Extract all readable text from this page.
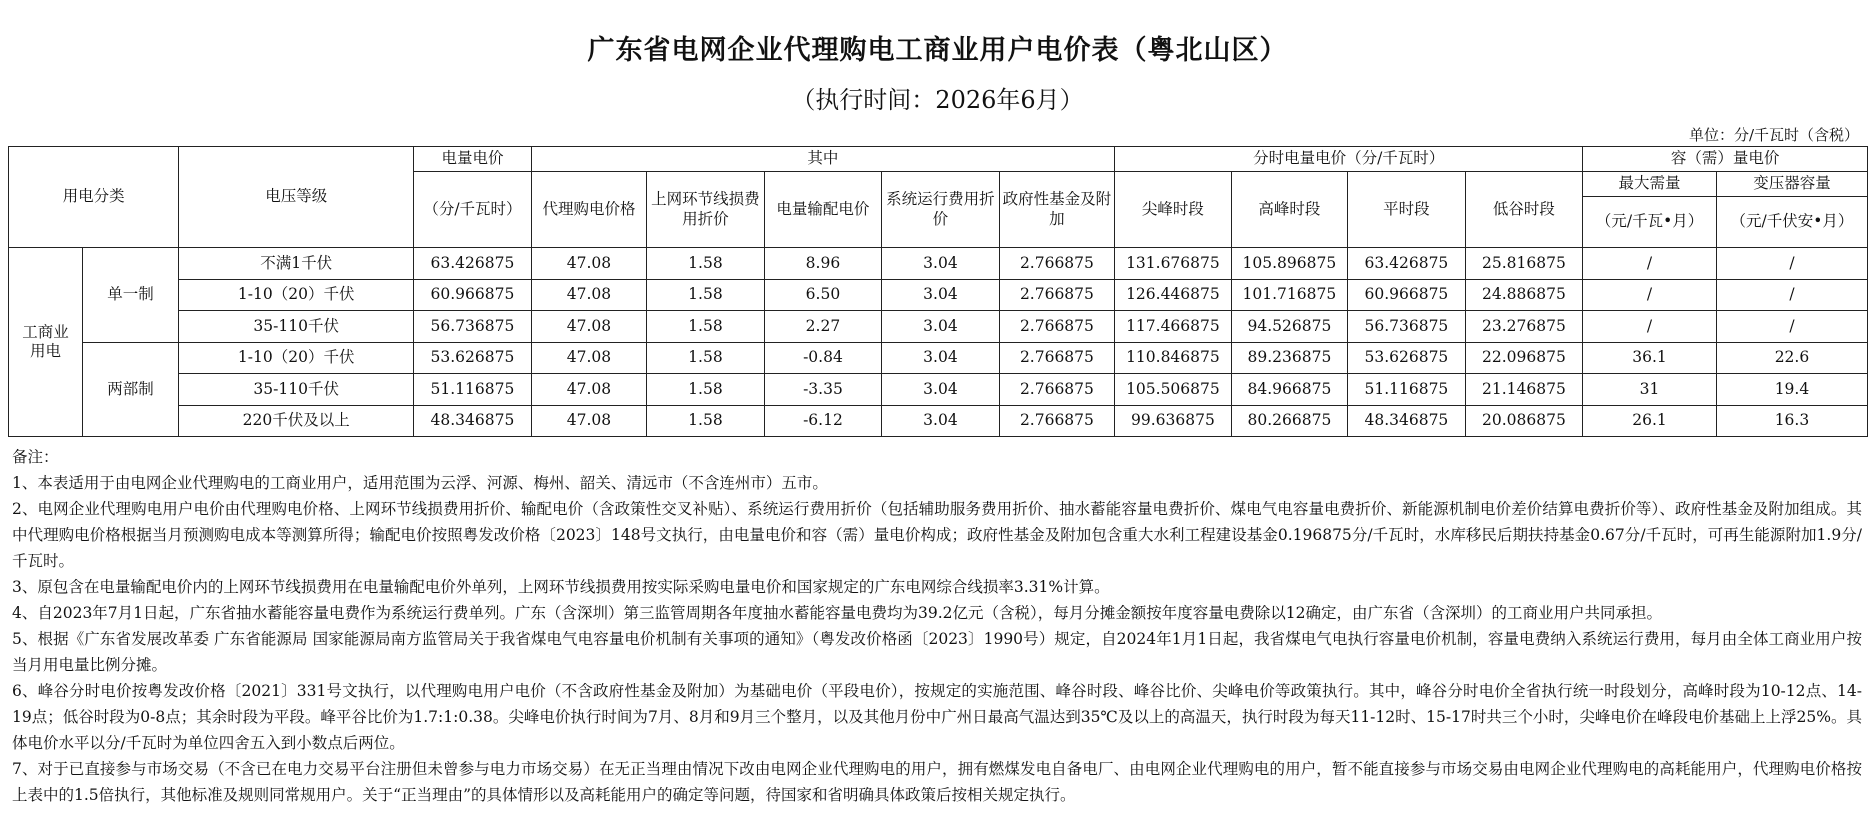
广东省电网企业代理购电工商业用户电价表（粤北山区）
（执行时间：2026年6月）
单位：分/千瓦时（含税）
用电分类		电压等级	电量电价	其中					分时电量电价（分/千瓦时）				容（需）量电价	
			（分/千瓦时）	代理购电价格	上网环节线损费用折价	电量输配电价	系统运行费用折价	政府性基金及附加	尖峰时段	高峰时段	平时段	低谷时段	最大需量	变压器容量
													（元/千瓦•月）	（元/千伏安•月）
工商业用电	单一制	不满1千伏	63.426875	47.08	1.58	8.96	3.04	2.766875	131.676875	105.896875	63.426875	25.816875	/	/
		1-10（20）千伏	60.966875	47.08	1.58	6.50	3.04	2.766875	126.446875	101.716875	60.966875	24.886875	/	/
		35-110千伏	56.736875	47.08	1.58	2.27	3.04	2.766875	117.466875	94.526875	56.736875	23.276875	/	/
	两部制	1-10（20）千伏	53.626875	47.08	1.58	-0.84	3.04	2.766875	110.846875	89.236875	53.626875	22.096875	36.1	22.6
		35-110千伏	51.116875	47.08	1.58	-3.35	3.04	2.766875	105.506875	84.966875	51.116875	21.146875	31	19.4
		220千伏及以上	48.346875	47.08	1.58	-6.12	3.04	2.766875	99.636875	80.266875	48.346875	20.086875	26.1	16.3

备注：

1、本表适用于由电网企业代理购电的工商业用户，适用范围为云浮、河源、梅州、韶关、清远市（不含连州市）五市。

2、电网企业代理购电用户电价由代理购电价格、上网环节线损费用折价、输配电价（含政策性交叉补贴）、系统运行费用折价（包括辅助服务费用折价、抽水蓄能容量电费折价、煤电气电容量电费折价、新能源机制电价差价结算电费折价等）、政府性基金及附加组成。其中代理购电价格根据当月预测购电成本等测算所得；输配电价按照粤发改价格〔2023〕148号文执行，由电量电价和容（需）量电价构成；政府性基金及附加包含重大水利工程建设基金0.196875分/千瓦时，水库移民后期扶持基金0.67分/千瓦时，可再生能源附加1.9分/千瓦时。

3、原包含在电量输配电价内的上网环节线损费用在电量输配电价外单列，上网环节线损费用按实际采购电量电价和国家规定的广东电网综合线损率3.31%计算。

4、自2023年7月1日起，广东省抽水蓄能容量电费作为系统运行费单列。广东（含深圳）第三监管周期各年度抽水蓄能容量电费均为39.2亿元（含税），每月分摊金额按年度容量电费除以12确定，由广东省（含深圳）的工商业用户共同承担。

5、根据《广东省发展改革委 广东省能源局 国家能源局南方监管局关于我省煤电气电容量电价机制有关事项的通知》（粤发改价格函〔2023〕1990号）规定，自2024年1月1日起，我省煤电气电执行容量电价机制，容量电费纳入系统运行费用，每月由全体工商业用户按当月用电量比例分摊。

6、峰谷分时电价按粤发改价格〔2021〕331号文执行，以代理购电用户电价（不含政府性基金及附加）为基础电价（平段电价），按规定的实施范围、峰谷时段、峰谷比价、尖峰电价等政策执行。其中，峰谷分时电价全省执行统一时段划分，高峰时段为10-12点、14-19点；低谷时段为0-8点；其余时段为平段。峰平谷比价为1.7:1:0.38。尖峰电价执行时间为7月、8月和9月三个整月，以及其他月份中广州日最高气温达到35℃及以上的高温天，执行时段为每天11-12时、15-17时共三个小时，尖峰电价在峰段电价基础上上浮25%。具体电价水平以分/千瓦时为单位四舍五入到小数点后两位。

7、对于已直接参与市场交易（不含已在电力交易平台注册但未曾参与电力市场交易）在无正当理由情况下改由电网企业代理购电的用户，拥有燃煤发电自备电厂、由电网企业代理购电的用户，暂不能直接参与市场交易由电网企业代理购电的高耗能用户，代理购电价格按上表中的1.5倍执行，其他标准及规则同常规用户。关于“正当理由”的具体情形以及高耗能用户的确定等问题，待国家和省明确具体政策后按相关规定执行。
